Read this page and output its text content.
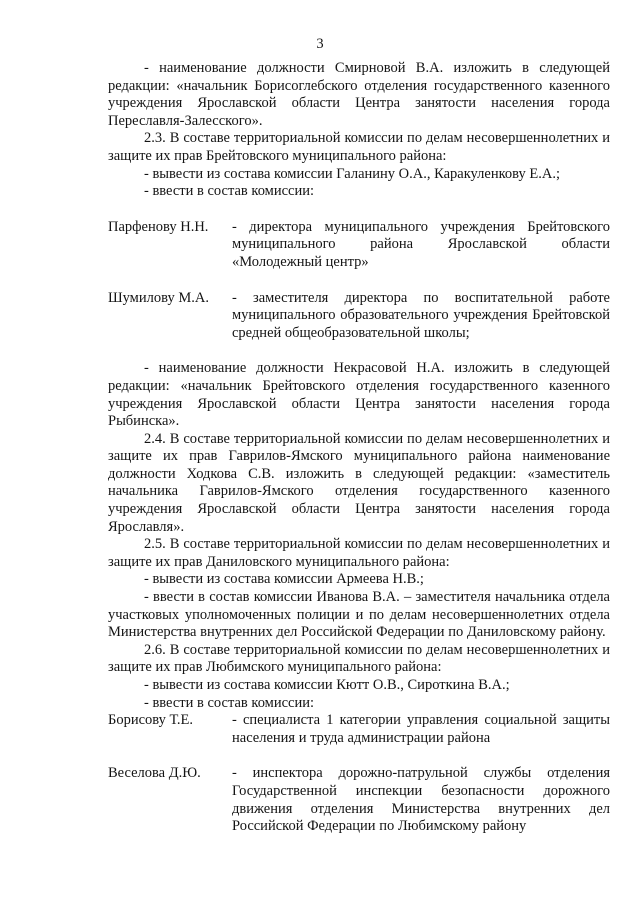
3

- наименование должности Смирновой В.А. изложить в следующей редакции: «начальник Борисоглебского отделения государственного казенного учреждения Ярославской области Центра занятости населения города Переславля-Залесского».

2.3. В составе территориальной комиссии по делам несовершеннолетних и защите их прав Брейтовского муниципального района:

- вывести из состава комиссии Галанину О.А., Каракуленкову Е.А.;

- ввести в состав комиссии:

Парфенову Н.Н.	- директора муниципального учреждения Брейтовского муниципального района Ярославской области «Молодежный центр»
Шумилову М.А.	- заместителя директора по воспитательной работе муниципального образовательного учреждения Брейтовской средней общеобразовательной школы;

- наименование должности Некрасовой Н.А. изложить в следующей редакции: «начальник Брейтовского отделения государственного казенного учреждения Ярославской области Центра занятости населения города Рыбинска».

2.4. В составе территориальной комиссии по делам несовершеннолетних и защите их прав Гаврилов-Ямского муниципального района наименование должности Ходкова С.В. изложить в следующей редакции: «заместитель начальника Гаврилов-Ямского отделения государственного казенного учреждения Ярославской области Центра занятости населения города Ярославля».

2.5. В составе территориальной комиссии по делам несовершеннолетних и защите их прав Даниловского муниципального района:

- вывести из состава комиссии Армеева Н.В.;

- ввести в состав комиссии Иванова В.А. – заместителя начальника отдела участковых уполномоченных полиции и по делам несовершеннолетних отдела Министерства внутренних дел Российской Федерации по Даниловскому району.

2.6. В составе территориальной комиссии по делам несовершеннолетних и защите их прав Любимского муниципального района:

- вывести из состава комиссии Кютт О.В., Сироткина В.А.;

- ввести в состав комиссии:

Борисову Т.Е.	- специалиста 1 категории управления социальной защиты населения и труда администрации района
Веселова Д.Ю.	- инспектора дорожно-патрульной службы отделения Государственной инспекции безопасности дорожного движения отделения Министерства внутренних дел Российской Федерации по Любимскому району
